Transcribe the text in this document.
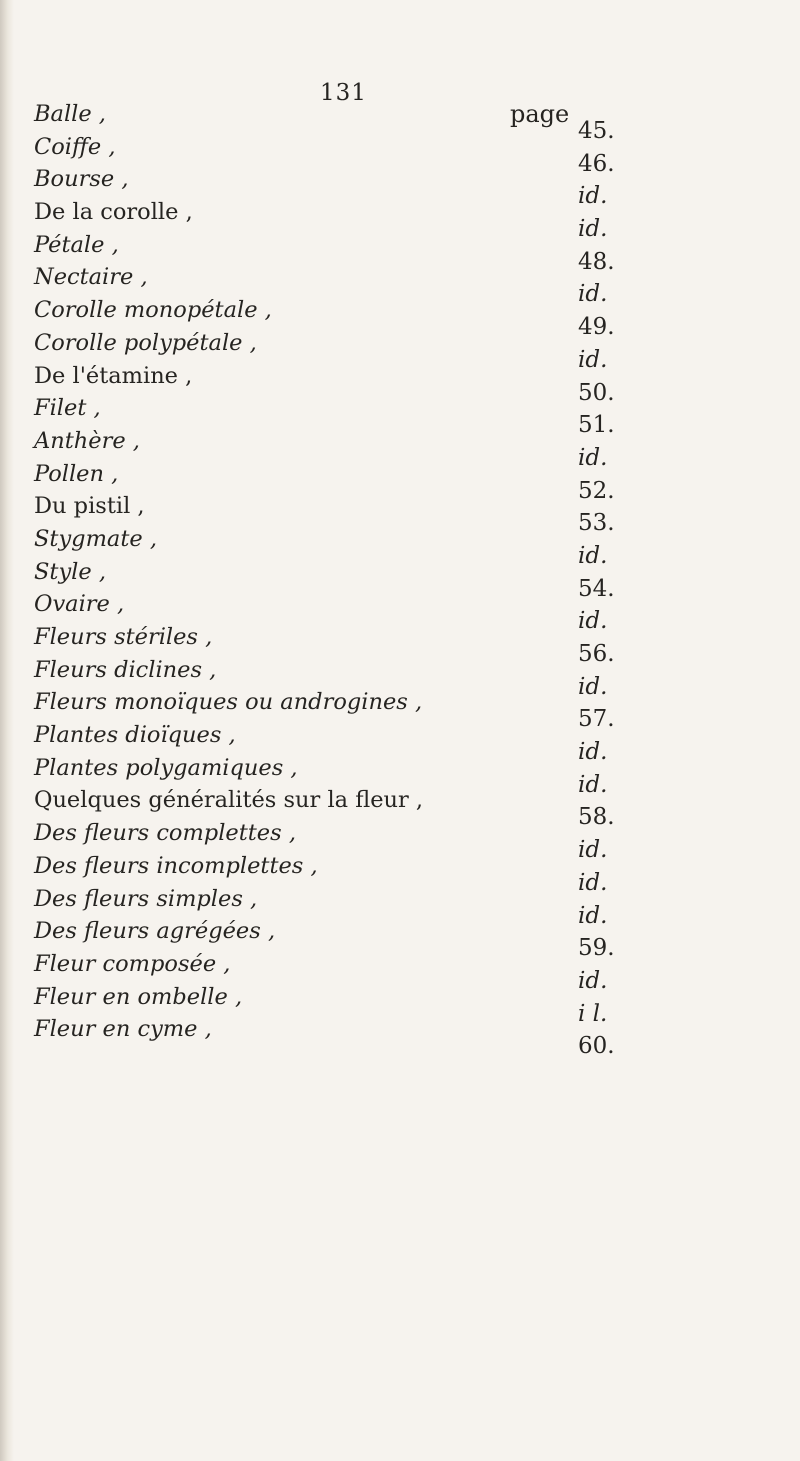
131
page
Balle ,
Coiffe ,
Bourse ,
De la corolle ,
Pétale ,
Nectaire ,
Corolle monopétale ,
Corolle polypétale ,
De l'étamine ,
Filet ,
Anthère ,
Pollen ,
Du pistil ,
Stygmate ,
Style ,
Ovaire ,
Fleurs stériles ,
Fleurs diclines ,
Fleurs monoïques ou androgines ,
Plantes dioïques ,
Plantes polygamiques ,
Quelques généralités sur la fleur ,
Des fleurs complettes ,
Des fleurs incomplettes ,
Des fleurs simples ,
Des fleurs agrégées ,
Fleur composée ,
Fleur en ombelle ,
Fleur en cyme ,
45.
46.
id.
id.
48.
id.
49.
id.
50.
51.
id.
52.
53.
id.
54.
id.
56.
id.
57.
id.
id.
58.
id.
id.
id.
59.
id.
i l.
60.
